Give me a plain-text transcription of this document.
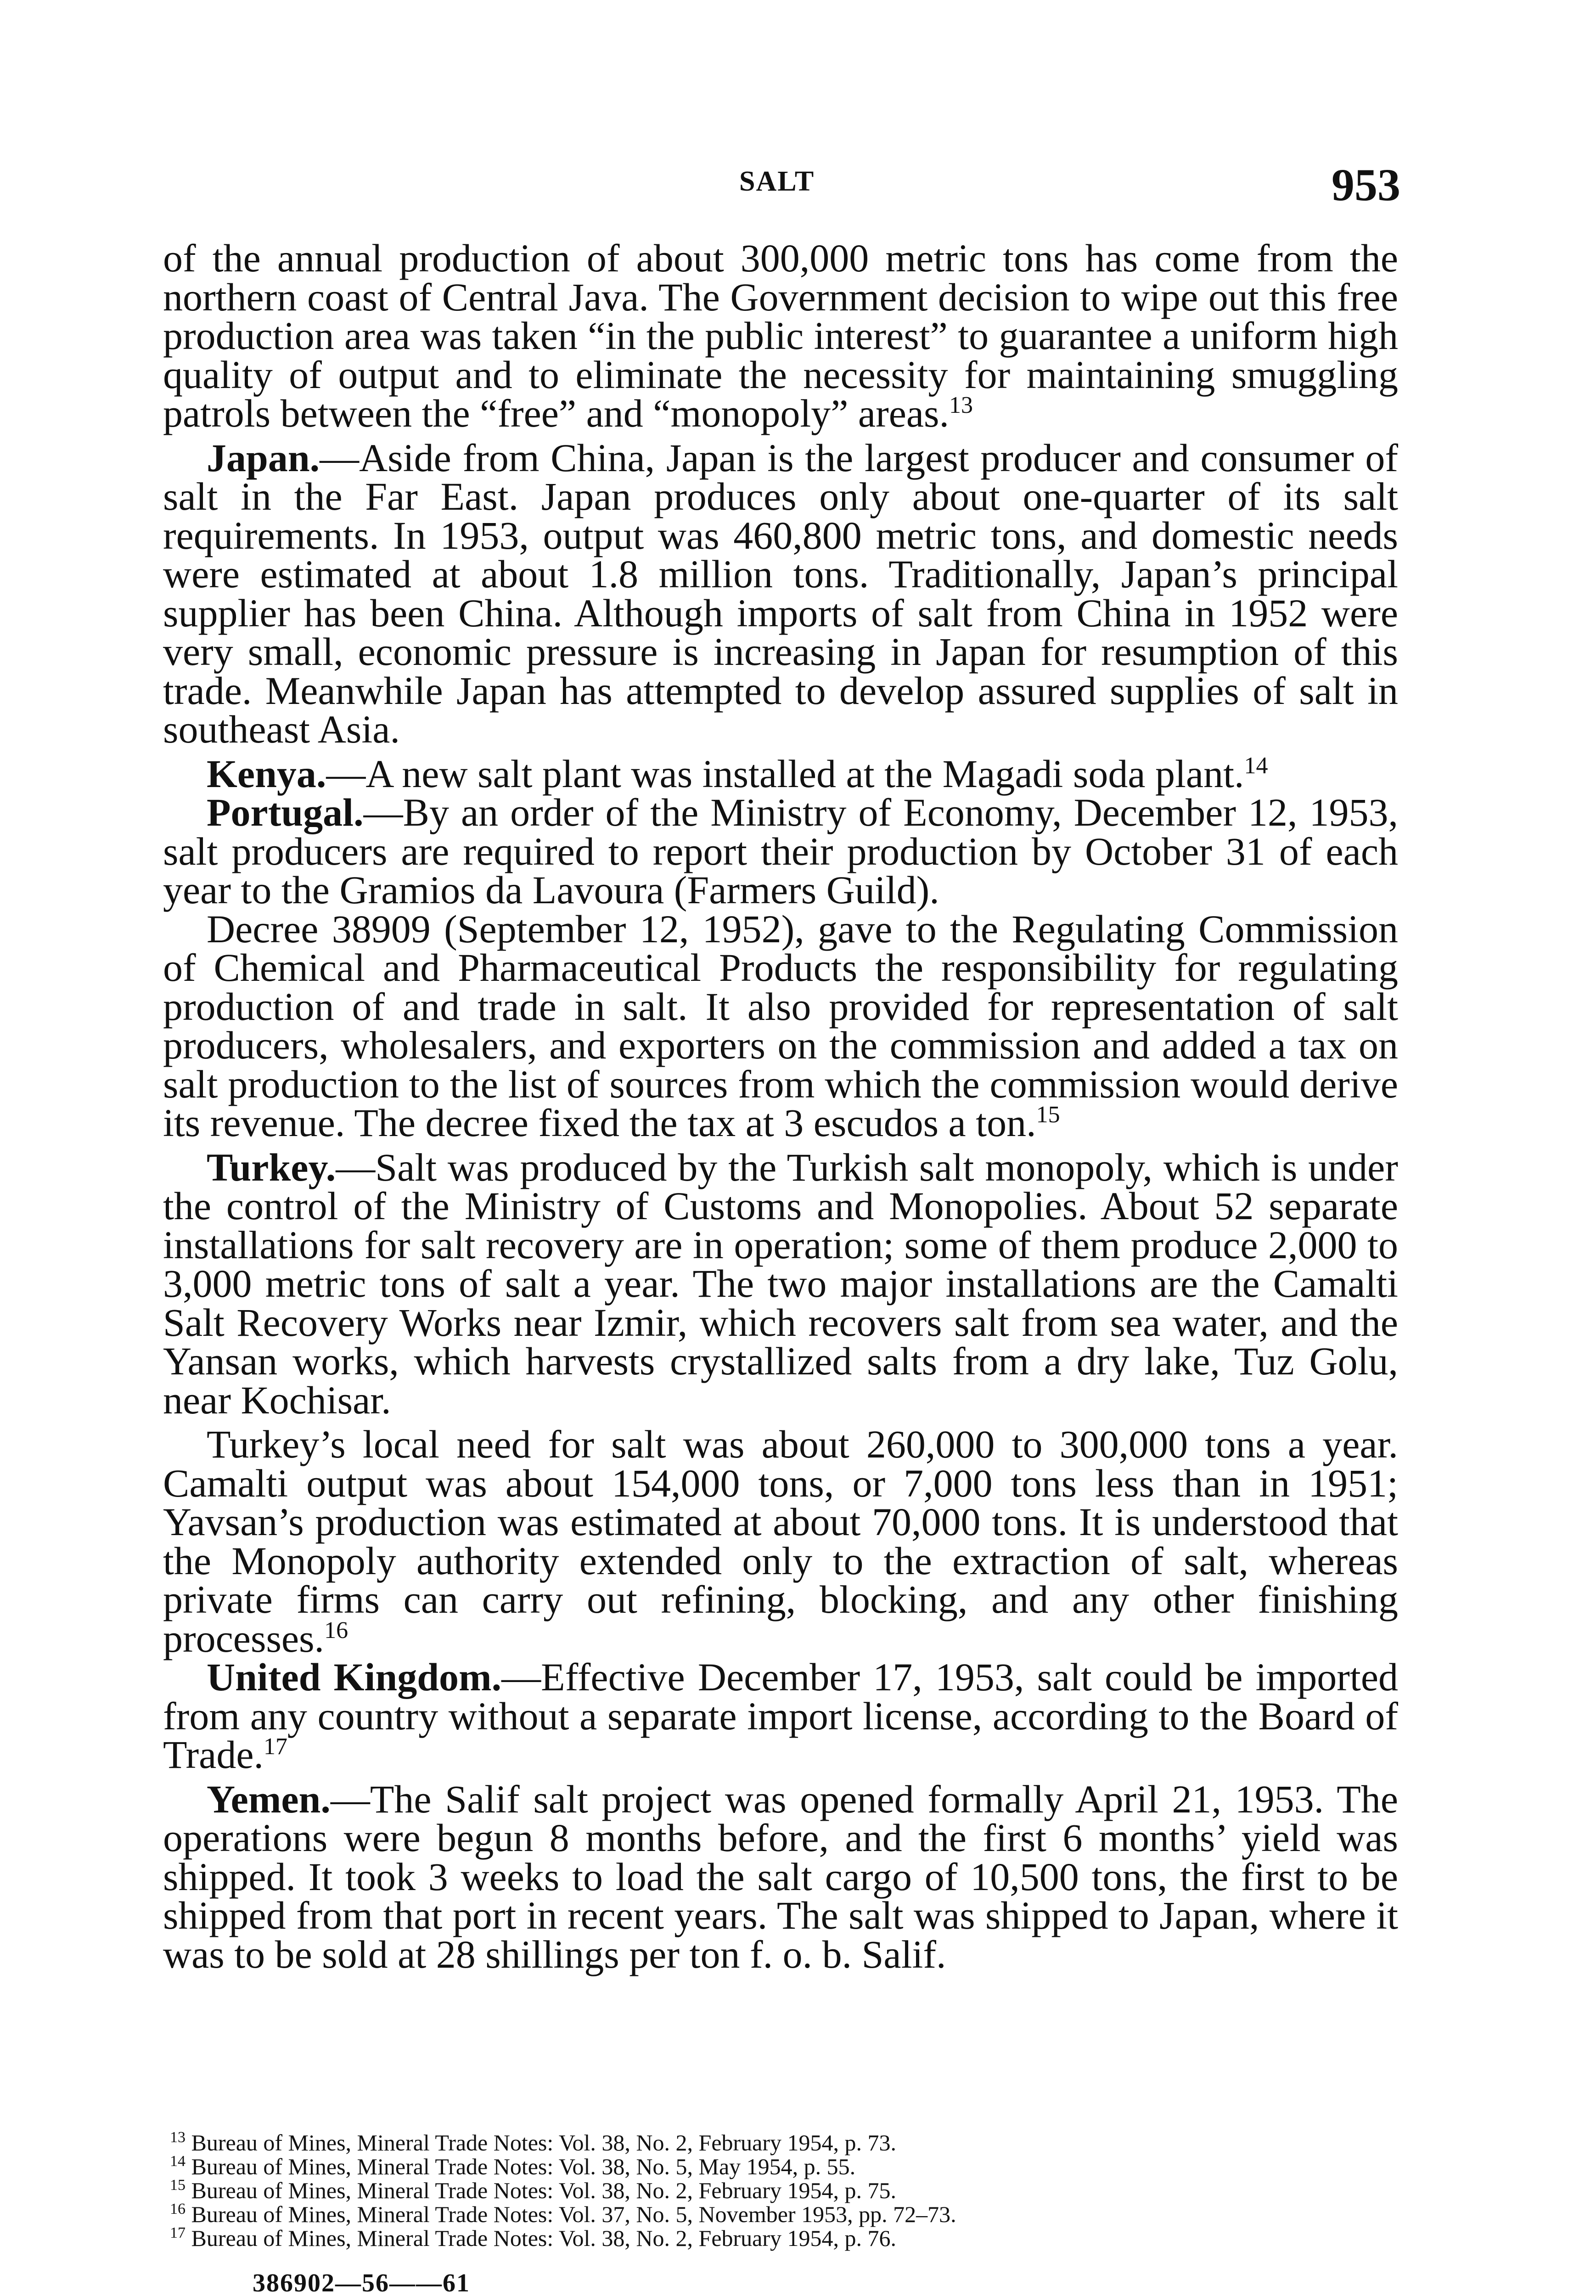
SALT	953

of the annual production of about 300,000 metric tons has come from the northern coast of Central Java. The Government decision to wipe out this free production area was taken “in the public interest” to guarantee a uniform high quality of output and to eliminate the necessity for maintaining smuggling patrols between the “free” and “monopoly” areas.$^{13}$

Japan.—Aside from China, Japan is the largest producer and consumer of salt in the Far East. Japan produces only about one-quarter of its salt requirements. In 1953, output was 460,800 metric tons, and domestic needs were estimated at about 1.8 million tons. Traditionally, Japan’s principal supplier has been China. Although imports of salt from China in 1952 were very small, economic pressure is increasing in Japan for resumption of this trade. Meanwhile Japan has attempted to develop assured supplies of salt in southeast Asia.

Kenya.—A new salt plant was installed at the Magadi soda plant.$^{14}$

Portugal.—By an order of the Ministry of Economy, December 12, 1953, salt producers are required to report their production by October 31 of each year to the Gramios da Lavoura (Farmers Guild).

Decree 38909 (September 12, 1952), gave to the Regulating Commission of Chemical and Pharmaceutical Products the responsibility for regulating production of and trade in salt. It also provided for representation of salt producers, wholesalers, and exporters on the commission and added a tax on salt production to the list of sources from which the commission would derive its revenue. The decree fixed the tax at 3 escudos a ton.$^{15}$

Turkey.—Salt was produced by the Turkish salt monopoly, which is under the control of the Ministry of Customs and Monopolies. About 52 separate installations for salt recovery are in operation; some of them produce 2,000 to 3,000 metric tons of salt a year. The two major installations are the Camalti Salt Recovery Works near Izmir, which recovers salt from sea water, and the Yansan works, which harvests crystallized salts from a dry lake, Tuz Golu, near Kochisar.

Turkey’s local need for salt was about 260,000 to 300,000 tons a year. Camalti output was about 154,000 tons, or 7,000 tons less than in 1951; Yavsan’s production was estimated at about 70,000 tons. It is understood that the Monopoly authority extended only to the extraction of salt, whereas private firms can carry out refining, blocking, and any other finishing processes.$^{16}$

United Kingdom.—Effective December 17, 1953, salt could be imported from any country without a separate import license, according to the Board of Trade.$^{17}$

Yemen.—The Salif salt project was opened formally April 21, 1953. The operations were begun 8 months before, and the first 6 months’ yield was shipped. It took 3 weeks to load the salt cargo of 10,500 tons, the first to be shipped from that port in recent years. The salt was shipped to Japan, where it was to be sold at 28 shillings per ton f. o. b. Salif.

$^{13}$ Bureau of Mines, Mineral Trade Notes: Vol. 38, No. 2, February 1954, p. 73.
$^{14}$ Bureau of Mines, Mineral Trade Notes: Vol. 38, No. 5, May 1954, p. 55.
$^{15}$ Bureau of Mines, Mineral Trade Notes: Vol. 38, No. 2, February 1954, p. 75.
$^{16}$ Bureau of Mines, Mineral Trade Notes: Vol. 37, No. 5, November 1953, pp. 72–73.
$^{17}$ Bureau of Mines, Mineral Trade Notes: Vol. 38, No. 2, February 1954, p. 76.
386902—56——61
